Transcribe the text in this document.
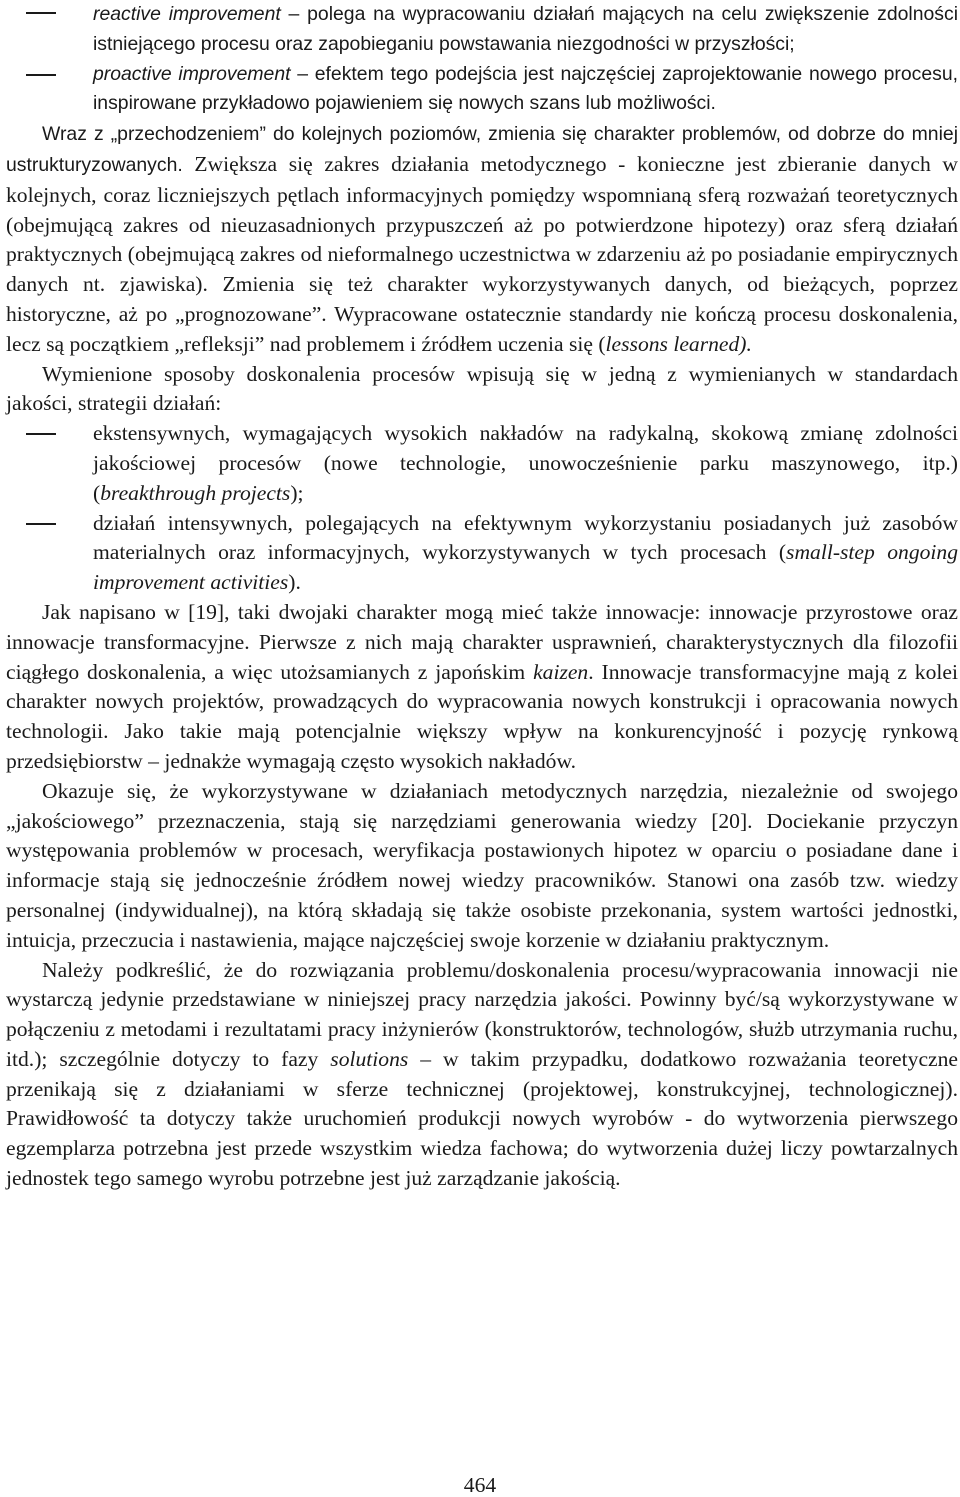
reactive improvement – polega na wypracowaniu działań mających na celu zwiększenie zdolności istniejącego procesu oraz zapobieganiu powstawania niezgodności w przyszłości;
proactive improvement – efektem tego podejścia jest najczęściej zaprojektowanie nowego procesu, inspirowane przykładowo pojawieniem się nowych szans lub możliwości.

Wraz z „przechodzeniem” do kolejnych poziomów, zmienia się charakter problemów, od dobrze do mniej ustrukturyzowanych. Zwiększa się zakres działania metodycznego - konieczne jest zbieranie danych w kolejnych, coraz liczniejszych pętlach informacyjnych pomiędzy wspomnianą sferą rozważań teoretycznych (obejmującą zakres od nieuzasadnionych przypuszczeń aż po potwierdzone hipotezy) oraz sferą działań praktycznych (obejmującą zakres od nieformalnego uczestnictwa w zdarzeniu aż po posiadanie empirycznych danych nt. zjawiska). Zmienia się też charakter wykorzystywanych danych, od bieżących, poprzez historyczne, aż po „prognozowane”. Wypracowane ostatecznie standardy nie kończą procesu doskonalenia, lecz są początkiem „refleksji” nad problemem i źródłem uczenia się (lessons learned).

Wymienione sposoby doskonalenia procesów wpisują się w jedną z wymienianych w standardach jakości, strategii działań:

ekstensywnych, wymagających wysokich nakładów na radykalną, skokową zmianę zdolności jakościowej procesów (nowe technologie, unowocześnienie parku maszynowego, itp.) (breakthrough projects);
działań intensywnych, polegających na efektywnym wykorzystaniu posiadanych już zasobów materialnych oraz informacyjnych, wykorzystywanych w tych procesach (small-step ongoing improvement activities).

Jak napisano w [19], taki dwojaki charakter mogą mieć także innowacje: innowacje przyrostowe oraz innowacje transformacyjne. Pierwsze z nich mają charakter usprawnień, charakterystycznych dla filozofii ciągłego doskonalenia, a więc utożsamianych z japońskim kaizen. Innowacje transformacyjne mają z kolei charakter nowych projektów, prowadzących do wypracowania nowych konstrukcji i opracowania nowych technologii. Jako takie mają potencjalnie większy wpływ na konkurencyjność i pozycję rynkową przedsiębiorstw – jednakże wymagają często wysokich nakładów.

Okazuje się, że wykorzystywane w działaniach metodycznych narzędzia, niezależnie od swojego „jakościowego” przeznaczenia, stają się narzędziami generowania wiedzy [20]. Dociekanie przyczyn występowania problemów w procesach, weryfikacja postawionych hipotez w oparciu o posiadane dane i informacje stają się jednocześnie źródłem nowej wiedzy pracowników. Stanowi ona zasób tzw. wiedzy personalnej (indywidualnej), na którą składają się także osobiste przekonania, system wartości jednostki, intuicja, przeczucia i nastawienia, mające najczęściej swoje korzenie w działaniu praktycznym.

Należy podkreślić, że do rozwiązania problemu/doskonalenia procesu/wypracowania innowacji nie wystarczą jedynie przedstawiane w niniejszej pracy narzędzia jakości. Powinny być/są wykorzystywane w połączeniu z metodami i rezultatami pracy inżynierów (konstruktorów, technologów, służb utrzymania ruchu, itd.); szczególnie dotyczy to fazy solutions – w takim przypadku, dodatkowo rozważania teoretyczne przenikają się z działaniami w sferze technicznej (projektowej, konstrukcyjnej, technologicznej). Prawidłowość ta dotyczy także uruchomień produkcji nowych wyrobów - do wytworzenia pierwszego egzemplarza potrzebna jest przede wszystkim wiedza fachowa; do wytworzenia dużej liczy powtarzalnych jednostek tego samego wyrobu potrzebne jest już zarządzanie jakością.

464
